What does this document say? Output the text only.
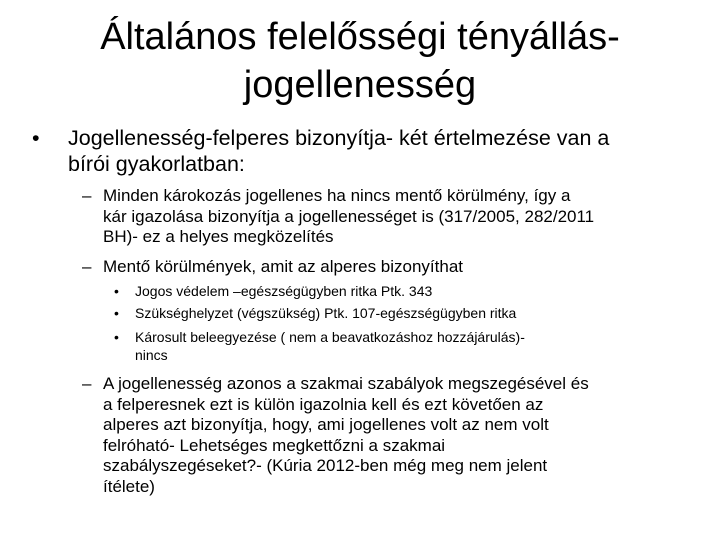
Általános felelősségi tényállás-
jogellenesség
• Jogellenesség-felperes bizonyítja- két értelmezése van a
bírói gyakorlatban:
– Minden károkozás jogellenes ha nincs mentő körülmény, így a
kár igazolása bizonyítja a jogellenességet is (317/2005, 282/2011
BH)- ez a helyes megközelítés
– Mentő körülmények, amit az alperes bizonyíthat
• Jogos védelem –egészségügyben ritka Ptk. 343
• Szükséghelyzet (végszükség) Ptk. 107-egészségügyben ritka
• Károsult beleegyezése ( nem a beavatkozáshoz hozzájárulás)-
nincs
– A jogellenesség azonos a szakmai szabályok megszegésével és
a felperesnek ezt is külön igazolnia kell és ezt követően az
alperes azt bizonyítja, hogy, ami jogellenes volt az nem volt
felróható- Lehetséges megkettőzni a szakmai
szabályszegéseket?- (Kúria 2012-ben még meg nem jelent
ítélete)
